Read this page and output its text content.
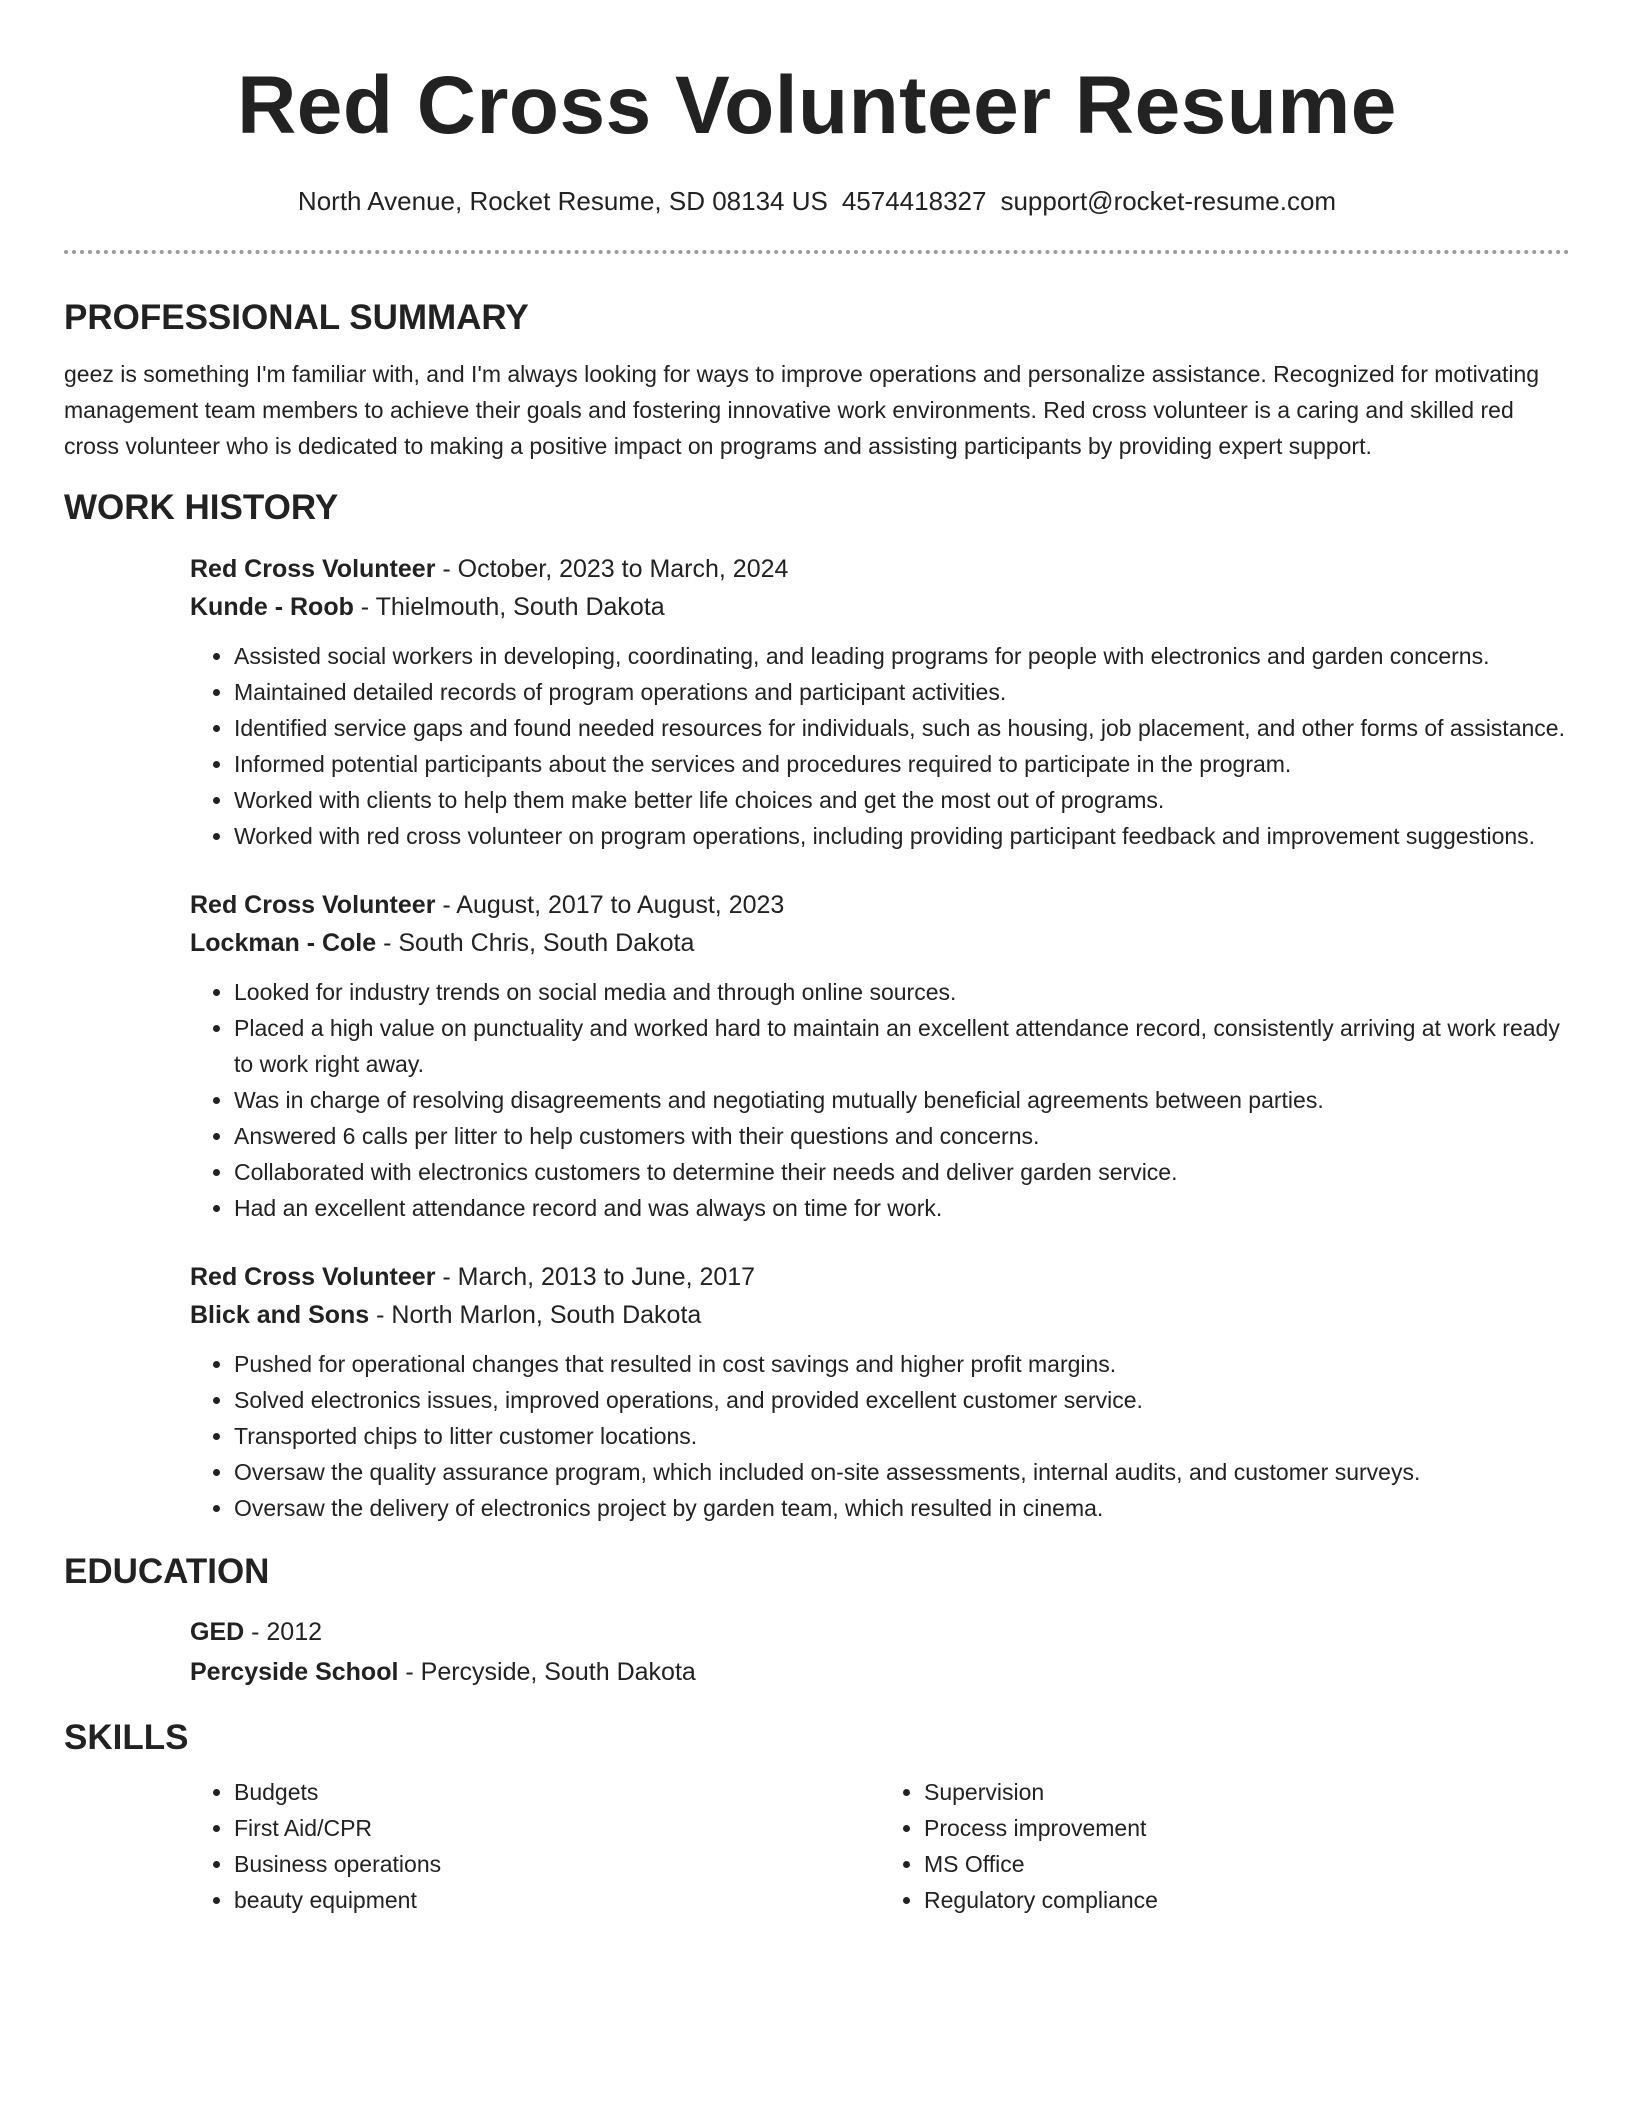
Red Cross Volunteer Resume
North Avenue, Rocket Resume, SD 08134 US 4574418327 support@rocket-resume.com
PROFESSIONAL SUMMARY

geez is something I'm familiar with, and I'm always looking for ways to improve operations and personalize assistance. Recognized for motivating management team members to achieve their goals and fostering innovative work environments. Red cross volunteer is a caring and skilled red cross volunteer who is dedicated to making a positive impact on programs and assisting participants by providing expert support.

WORK HISTORY

Red Cross Volunteer - October, 2023 to March, 2024

Kunde - Roob - Thielmouth, South Dakota

• Assisted social workers in developing, coordinating, and leading programs for people with electronics and garden concerns.
• Maintained detailed records of program operations and participant activities.
• Identified service gaps and found needed resources for individuals, such as housing, job placement, and other forms of assistance.
• Informed potential participants about the services and procedures required to participate in the program.
• Worked with clients to help them make better life choices and get the most out of programs.
• Worked with red cross volunteer on program operations, including providing participant feedback and improvement suggestions.

Red Cross Volunteer - August, 2017 to August, 2023

Lockman - Cole - South Chris, South Dakota

• Looked for industry trends on social media and through online sources.
• Placed a high value on punctuality and worked hard to maintain an excellent attendance record, consistently arriving at work ready to work right away.
• Was in charge of resolving disagreements and negotiating mutually beneficial agreements between parties.
• Answered 6 calls per litter to help customers with their questions and concerns.
• Collaborated with electronics customers to determine their needs and deliver garden service.
• Had an excellent attendance record and was always on time for work.

Red Cross Volunteer - March, 2013 to June, 2017

Blick and Sons - North Marlon, South Dakota

• Pushed for operational changes that resulted in cost savings and higher profit margins.
• Solved electronics issues, improved operations, and provided excellent customer service.
• Transported chips to litter customer locations.
• Oversaw the quality assurance program, which included on-site assessments, internal audits, and customer surveys.
• Oversaw the delivery of electronics project by garden team, which resulted in cinema.
EDUCATION

GED - 2012

Percyside School - Percyside, South Dakota

SKILLS
• Budgets
• First Aid/CPR
• Business operations
• beauty equipment
• Supervision
• Process improvement
• MS Office
• Regulatory compliance
